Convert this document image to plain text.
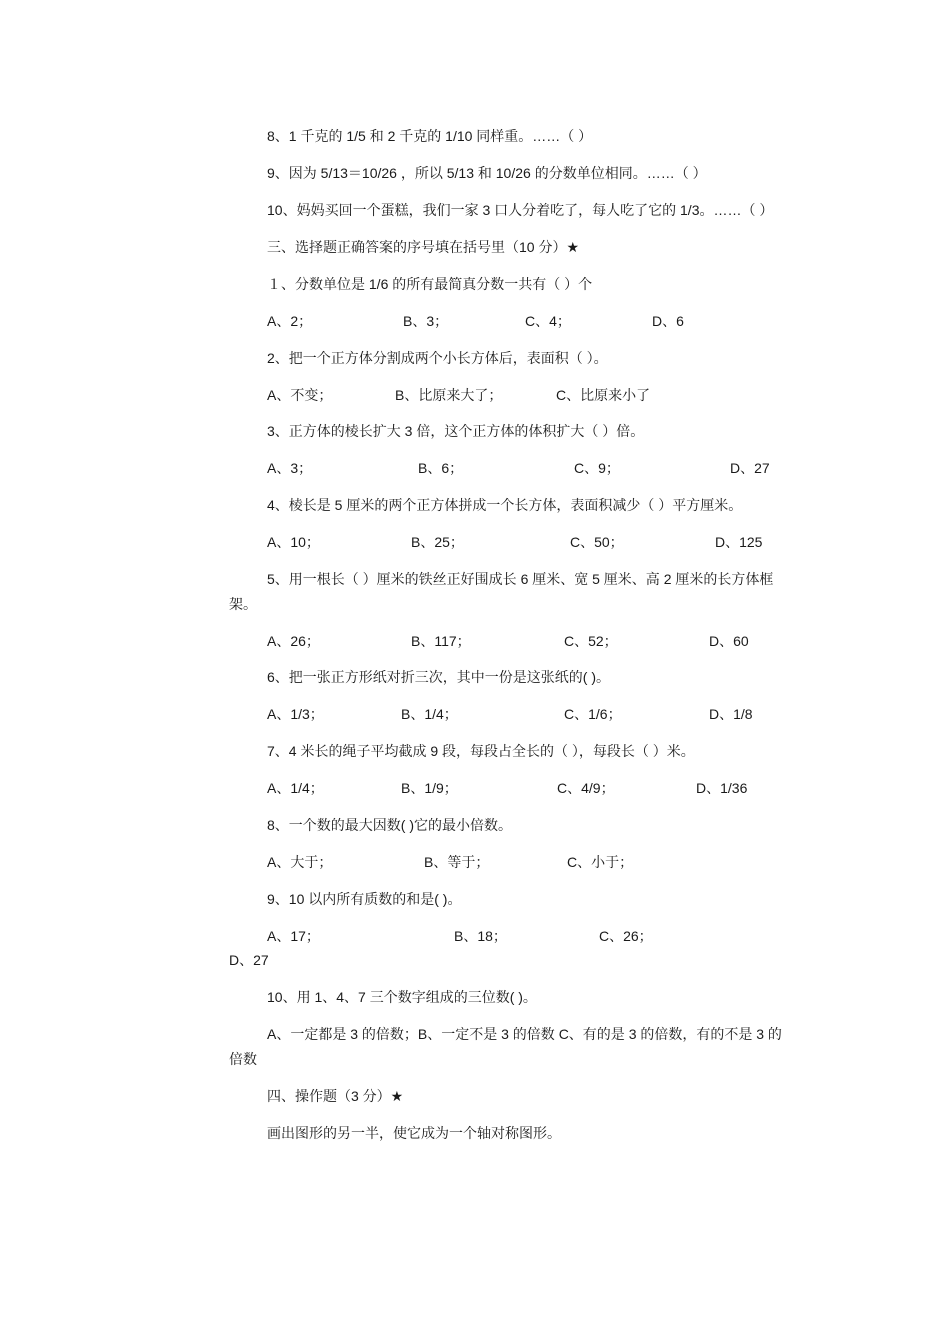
8、1 千克的 1/5 和 2 千克的 1/10 同样重。……（ ）
9、因为 5/13＝10/26 ，所以 5/13 和 10/26 的分数单位相同。……（ ）
10、妈妈买回一个蛋糕，我们一家 3 口人分着吃了，每人吃了它的 1/3。……（ ）
三、选择题正确答案的序号填在括号里（10 分）★
１、分数单位是 1/6 的所有最简真分数一共有（ ）个
A、2；	B、3；	C、4；	D、6
2、把一个正方体分割成两个小长方体后，表面积（ ）。
A、不变；	B、比原来大了；	C、比原来小了
3、正方体的棱长扩大 3 倍，这个正方体的体积扩大（ ）倍。
A、3；	B、6；	C、9；	D、27
4、棱长是 5 厘米的两个正方体拼成一个长方体，表面积减少（ ）平方厘米。
A、10；	B、25；	C、50；	D、125
5、用一根长（ ）厘米的铁丝正好围成长 6 厘米、宽 5 厘米、高 2 厘米的长方体框
架。
A、26；	B、117；	C、52；	D、60
6、把一张正方形纸对折三次，其中一份是这张纸的( )。
A、1/3；	B、1/4；	C、1/6；	D、1/8
7、4 米长的绳子平均截成 9 段，每段占全长的（ ），每段长（ ）米。
A、1/4；	B、1/9；	C、4/9；	D、1/36
8、一个数的最大因数( )它的最小倍数。
A、大于；	B、等于；	C、小于；
9、10 以内所有质数的和是( )。
A、17；	B、18；	C、26；
D、27
10、用 1、4、7 三个数字组成的三位数( )。
A、一定都是 3 的倍数；B、一定不是 3 的倍数 C、有的是 3 的倍数，有的不是 3 的
倍数
四、操作题（3 分）★
画出图形的另一半，使它成为一个轴对称图形。
